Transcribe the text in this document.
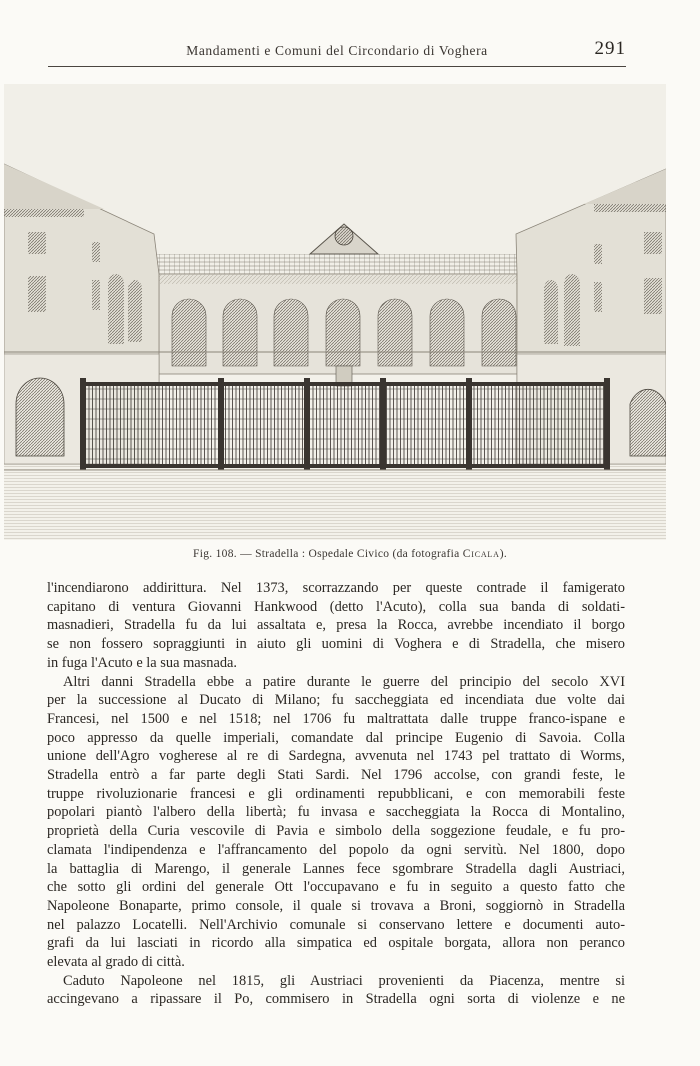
Mandamenti e Comuni del Circondario di Voghera	291
Fig. 108. — Stradella : Ospedale Civico (da fotografia Cicala).
l'incendiarono addirittura. Nel 1373, scorrazzando per queste contrade il famigerato
capitano di ventura Giovanni Hankwood (detto l'Acuto), colla sua banda di soldati-
masnadieri, Stradella fu da lui assaltata e, presa la Rocca, avrebbe incendiato il borgo
se non fossero sopraggiunti in aiuto gli uomini di Voghera e di Stradella, che misero
in fuga l'Acuto e la sua masnada.
Altri danni Stradella ebbe a patire durante le guerre del principio del secolo XVI
per la successione al Ducato di Milano; fu saccheggiata ed incendiata due volte dai
Francesi, nel 1500 e nel 1518; nel 1706 fu maltrattata dalle truppe franco-ispane e
poco appresso da quelle imperiali, comandate dal principe Eugenio di Savoia. Colla
unione dell'Agro vogherese al re di Sardegna, avvenuta nel 1743 pel trattato di Worms,
Stradella entrò a far parte degli Stati Sardi. Nel 1796 accolse, con grandi feste, le
truppe rivoluzionarie francesi e gli ordinamenti repubblicani, e con memorabili feste
popolari piantò l'albero della libertà; fu invasa e saccheggiata la Rocca di Montalino,
proprietà della Curia vescovile di Pavia e simbolo della soggezione feudale, e fu pro-
clamata l'indipendenza e l'affrancamento del popolo da ogni servitù. Nel 1800, dopo
la battaglia di Marengo, il generale Lannes fece sgombrare Stradella dagli Austriaci,
che sotto gli ordini del generale Ott l'occupavano e fu in seguito a questo fatto che
Napoleone Bonaparte, primo console, il quale si trovava a Broni, soggiornò in Stradella
nel palazzo Locatelli. Nell'Archivio comunale si conservano lettere e documenti auto-
grafi da lui lasciati in ricordo alla simpatica ed ospitale borgata, allora non peranco
elevata al grado di città.
Caduto Napoleone nel 1815, gli Austriaci provenienti da Piacenza, mentre si
accingevano a ripassare il Po, commisero in Stradella ogni sorta di violenze e ne
